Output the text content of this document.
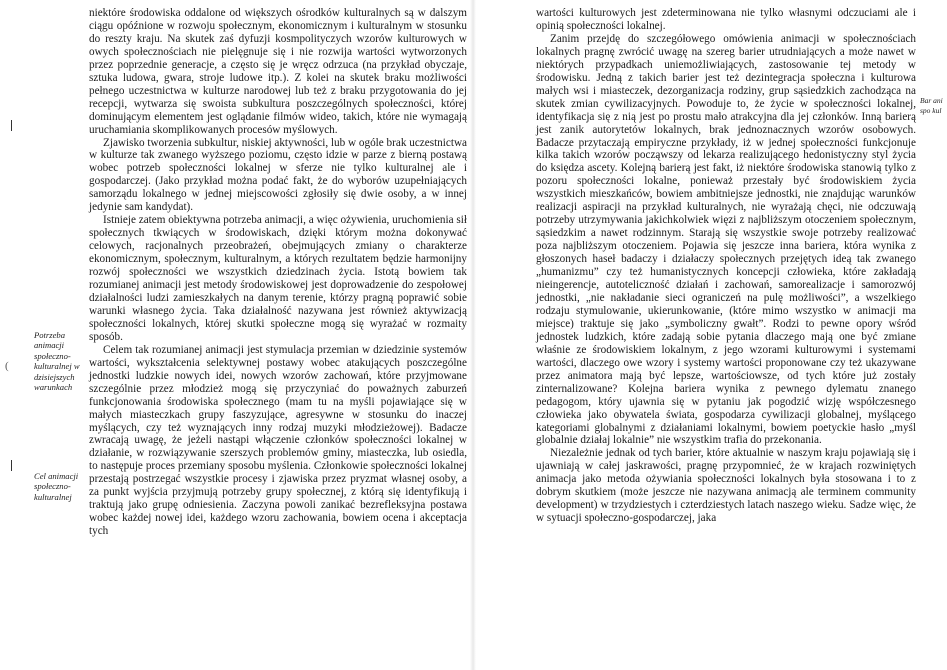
niektóre środowiska oddalone od większych ośrodków kulturalnych są w dalszym ciągu opóźnione w rozwoju społecznym, ekonomicznym i kulturalnym w stosunku do reszty kraju. Na skutek zaś dyfuzji kosmpolityczych wzorów kulturowych w owych społecznościach nie pielęgnuje się i nie rozwija wartości wytworzonych przez poprzednie generacje, a często się je wręcz odrzuca (na przykład obyczaje, sztuka ludowa, gwara, stroje ludowe itp.). Z kolei na skutek braku możliwości pełnego uczestnictwa w kulturze narodowej lub też z braku przygotowania do jej recepcji, wytwarza się swoista subkultura poszczególnych społeczności, której dominującym elementem jest oglądanie filmów wideo, takich, które nie wymagają uruchamiania skomplikowanych procesów myślowych.

Zjawisko tworzenia subkultur, niskiej aktywności, lub w ogóle brak uczestnictwa w kulturze tak zwanego wyższego poziomu, często idzie w parze z bierną postawą wobec potrzeb społeczności lokalnej w sferze nie tylko kulturalnej ale i gospodarczej. (Jako przykład można podać fakt, że do wyborów uzupełniających samorządu lokalnego w jednej miejscowości zgłosiły się dwie osoby, a w innej jedynie sam kandydat).

Istnieje zatem obiektywna potrzeba animacji, a więc ożywienia, uruchomienia sił społecznych tkwiących w środowiskach, dzięki którym można dokonywać celowych, racjonalnych przeobrażeń, obejmujących zmiany o charakterze ekonomicznym, społecznym, kulturalnym, a których rezultatem będzie harmonijny rozwój społeczności we wszystkich dziedzinach życia. Istotą bowiem tak rozumianej animacji jest metody środowiskowej jest doprowadzenie do zespołowej działalności ludzi zamieszkałych na danym terenie, którzy pragną poprawić sobie warunki własnego życia. Taka działalność nazywana jest również aktywizacją społeczności lokalnych, której skutki społeczne mogą się wyrażać w rozmaity sposób.

Celem tak rozumianej animacji jest stymulacja przemian w dziedzinie systemów wartości, wykształcenia selektywnej postawy wobec atakujących poszczególne jednostki ludzkie nowych idei, nowych wzorów zachowań, które przyjmowane szczególnie przez młodzież mogą się przyczyniać do poważnych zaburzeń funkcjonowania środowiska społecznego (mam tu na myśli pojawiające się w małych miasteczkach grupy faszyzujące, agresywne w stosunku do inaczej myślących, czy też wyznających inny rodzaj muzyki młodzieżowej). Badacze zwracają uwagę, że jeżeli nastąpi włączenie członków społeczności lokalnej w działanie, w rozwiązywanie szerszych problemów gminy, miasteczka, lub osiedla, to następuje proces przemiany sposobu myślenia. Członkowie społeczności lokalnej przestają postrzegać wszystkie procesy i zjawiska przez pryzmat własnej osoby, a za punkt wyjścia przyjmują potrzeby grupy społecznej, z którą się identyfikują i traktują jako grupę odniesienia. Zaczyna powoli zanikać bezrefleksyjna postawa wobec każdej nowej idei, każdego wzoru zachowania, bowiem ocena i akceptacja tych

Potrzeba animacji społeczno-kulturalnej w dzisiejszych warunkach
Cel animacji społeczno-kulturalnej
(

wartości kulturowych jest zdeterminowana nie tylko własnymi odczuciami ale i opinią społeczności lokalnej.

Zanim przejdę do szczegółowego omówienia animacji w społecznościach lokalnych pragnę zwrócić uwagę na szereg barier utrudniających a może nawet w niektórych przypadkach uniemożliwiających, zastosowanie tej metody w środowisku. Jedną z takich barier jest też dezintegracja społeczna i kulturowa małych wsi i miasteczek, dezorganizacja rodziny, grup sąsiedzkich zachodząca na skutek zmian cywilizacyjnych. Powoduje to, że życie w społeczności lokalnej, identyfikacja się z nią jest po prostu mało atrakcyjna dla jej członków. Inną barierą jest zanik autorytetów lokalnych, brak jednoznacznych wzorów osobowych. Badacze przytaczają empiryczne przykłady, iż w jednej społeczności funkcjonuje kilka takich wzorów począwszy od lekarza realizującego hedonistyczny styl życia do księdza ascety. Kolejną barierą jest fakt, iż niektóre środowiska stanowią tylko z pozoru społeczności lokalne, ponieważ przestały być środowiskiem życia wszystkich mieszkańców, bowiem ambitniejsze jednostki, nie znajdując warunków realizacji aspiracji na przykład kulturalnych, nie wyrażają chęci, nie odczuwają potrzeby utrzymywania jakichkolwiek więzi z najbliższym otoczeniem społecznym, sąsiedzkim a nawet rodzinnym. Starają się wszystkie swoje potrzeby realizować poza najbliższym otoczeniem. Pojawia się jeszcze inna bariera, która wynika z głoszonych haseł badaczy i działaczy społecznych przejętych ideą tak zwanego „humanizmu” czy też humanistycznych koncepcji człowieka, które zakładają nieingerencje, autoteliczność działań i zachowań, samorealizacje i samorozwój jednostki, „nie nakładanie sieci ograniczeń na pulę możliwości”, a wszelkiego rodzaju stymulowanie, ukierunkowanie, (które mimo wszystko w animacji ma miejsce) traktuje się jako „symboliczny gwałt”. Rodzi to pewne opory wśród jednostek ludzkich, które zadają sobie pytania dlaczego mają one być zmiane właśnie ze środowiskiem lokalnym, z jego wzorami kulturowymi i systemami wartości, dlaczego owe wzory i systemy wartości proponowane czy też ukazywane przez animatora mają być lepsze, wartościowsze, od tych które już zostały zinternalizowane? Kolejna bariera wynika z pewnego dylematu znanego pedagogom, który ujawnia się w pytaniu jak pogodzić wizję współczesnego człowieka jako obywatela świata, gospodarza cywilizacji globalnej, myślącego kategoriami globalnymi z działaniami lokalnymi, bowiem poetyckie hasło „myśl globalnie działaj lokalnie” nie wszystkim trafia do przekonania.

Niezależnie jednak od tych barier, które aktualnie w naszym kraju pojawiają się i ujawniają w całej jaskrawości, pragnę przypomnieć, że w krajach rozwiniętych animacja jako metoda ożywiania społeczności lokalnych była stosowana i to z dobrym skutkiem (może jeszcze nie nazywana animacją ale terminem community development) w trzydziestych i czterdziestych latach naszego wieku. Sadze więc, że w sytuacji społeczno-gospodarczej, jaka

Bar ani spo kul
